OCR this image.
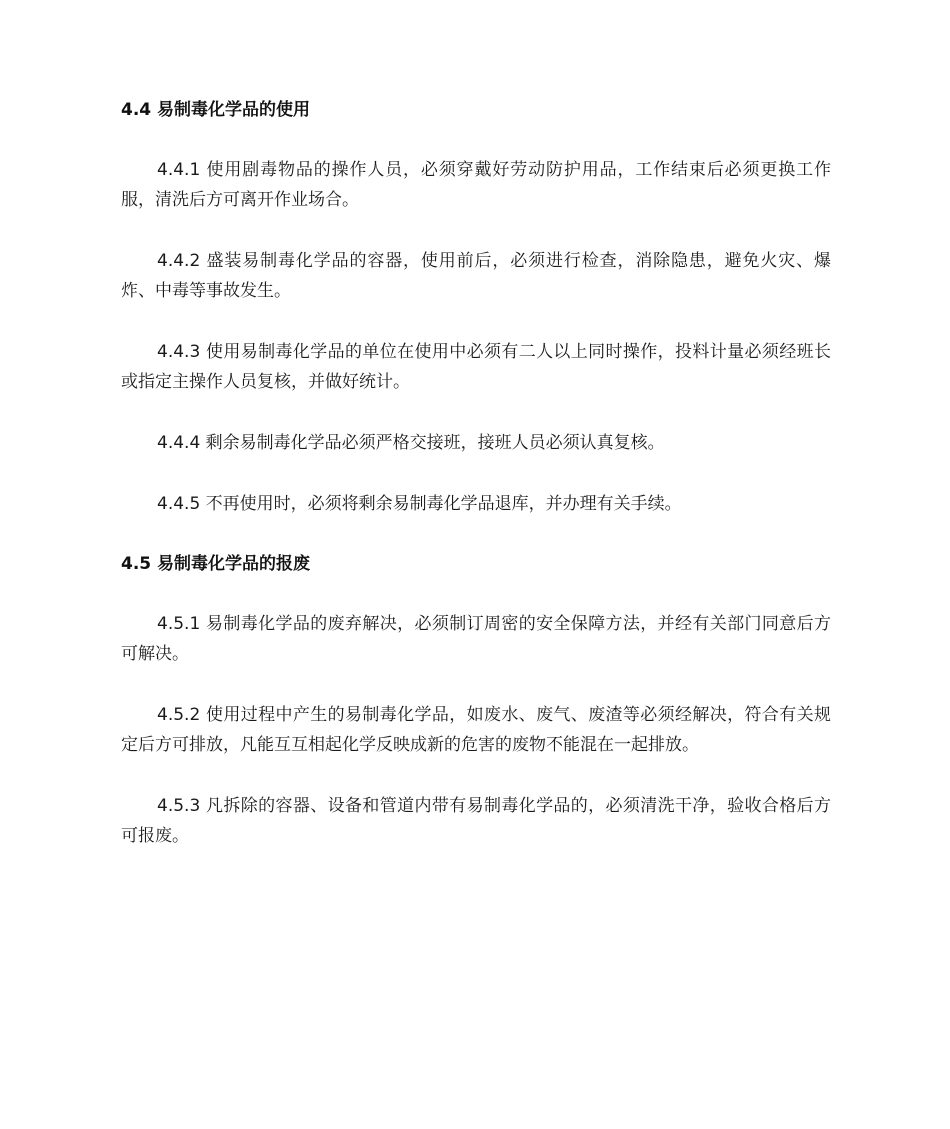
4.4 易制毒化学品的使用

4.4.1 使用剧毒物品的操作人员，必须穿戴好劳动防护用品，工作结束后必须更换工作服，清洗后方可离开作业场合。

4.4.2 盛装易制毒化学品的容器，使用前后，必须进行检查，消除隐患，避免火灾、爆炸、中毒等事故发生。

4.4.3 使用易制毒化学品的单位在使用中必须有二人以上同时操作，投料计量必须经班长或指定主操作人员复核，并做好统计。

4.4.4 剩余易制毒化学品必须严格交接班，接班人员必须认真复核。

4.4.5 不再使用时，必须将剩余易制毒化学品退库，并办理有关手续。

4.5 易制毒化学品的报废

4.5.1 易制毒化学品的废弃解决，必须制订周密的安全保障方法，并经有关部门同意后方可解决。

4.5.2 使用过程中产生的易制毒化学品，如废水、废气、废渣等必须经解决，符合有关规定后方可排放，凡能互互相起化学反映成新的危害的废物不能混在一起排放。

4.5.3 凡拆除的容器、设备和管道内带有易制毒化学品的，必须清洗干净，验收合格后方可报废。
